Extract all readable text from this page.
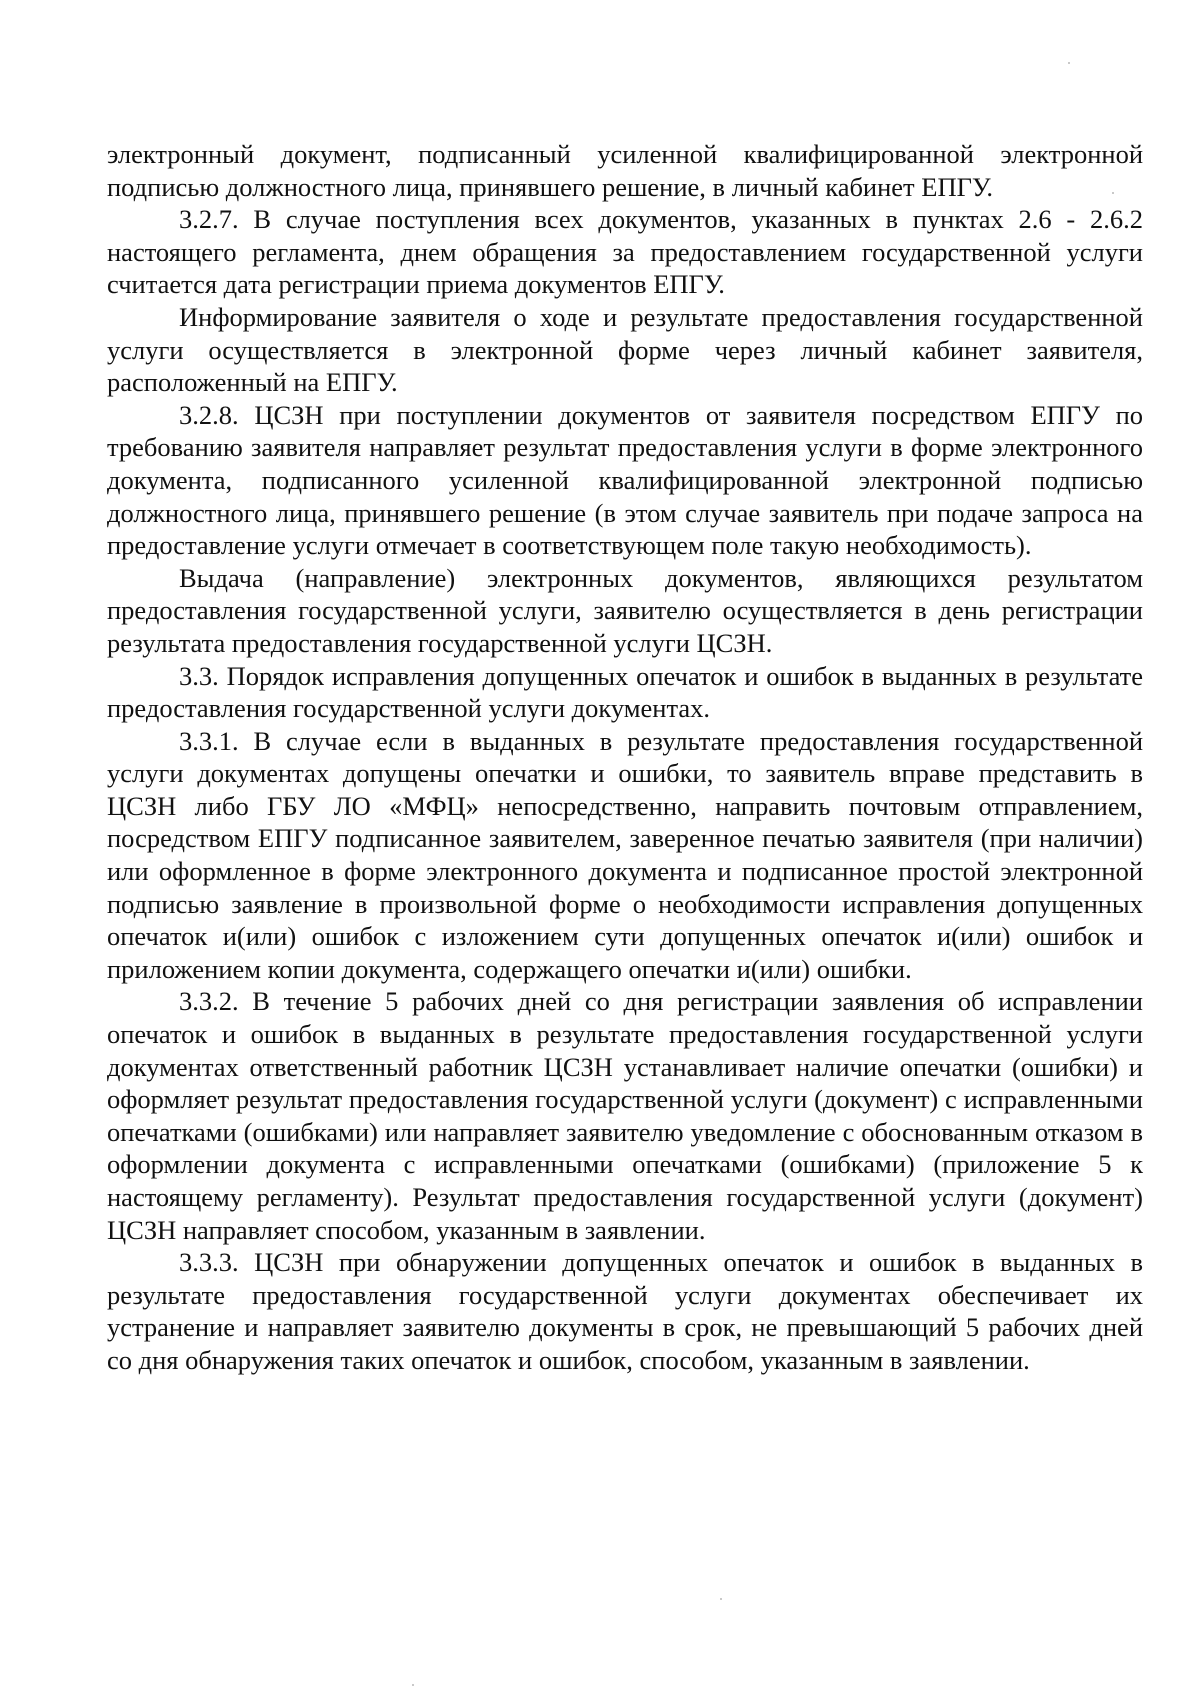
электронный документ, подписанный усиленной квалифицированной электронной подписью должностного лица, принявшего решение, в личный кабинет ЕПГУ.

3.2.7. В случае поступления всех документов, указанных в пунктах 2.6 - 2.6.2 настоящего регламента, днем обращения за предоставлением государственной услуги считается дата регистрации приема документов ЕПГУ.

Информирование заявителя о ходе и результате предоставления государственной услуги осуществляется в электронной форме через личный кабинет заявителя, расположенный на ЕПГУ.

3.2.8. ЦСЗН при поступлении документов от заявителя посредством ЕПГУ по требованию заявителя направляет результат предоставления услуги в форме электронного документа, подписанного усиленной квалифицированной электронной подписью должностного лица, принявшего решение (в этом случае заявитель при подаче запроса на предоставление услуги отмечает в соответствующем поле такую необходимость).

Выдача (направление) электронных документов, являющихся результатом предоставления государственной услуги, заявителю осуществляется в день регистрации результата предоставления государственной услуги ЦСЗН.

3.3. Порядок исправления допущенных опечаток и ошибок в выданных в результате предоставления государственной услуги документах.

3.3.1. В случае если в выданных в результате предоставления государственной услуги документах допущены опечатки и ошибки, то заявитель вправе представить в ЦСЗН либо ГБУ ЛО «МФЦ» непосредственно, направить почтовым отправлением, посредством ЕПГУ подписанное заявителем, заверенное печатью заявителя (при наличии) или оформленное в форме электронного документа и подписанное простой электронной подписью заявление в произвольной форме о необходимости исправления допущенных опечаток и(или) ошибок с изложением сути допущенных опечаток и(или) ошибок и приложением копии документа, содержащего опечатки и(или) ошибки.

3.3.2. В течение 5 рабочих дней со дня регистрации заявления об исправлении опечаток и ошибок в выданных в результате предоставления государственной услуги документах ответственный работник ЦСЗН устанавливает наличие опечатки (ошибки) и оформляет результат предоставления государственной услуги (документ) с исправленными опечатками (ошибками) или направляет заявителю уведомление с обоснованным отказом в оформлении документа с исправленными опечатками (ошибками) (приложение 5 к настоящему регламенту). Результат предоставления государственной услуги (документ) ЦСЗН направляет способом, указанным в заявлении.

3.3.3. ЦСЗН при обнаружении допущенных опечаток и ошибок в выданных в результате предоставления государственной услуги документах обеспечивает их устранение и направляет заявителю документы в срок, не превышающий 5 рабочих дней со дня обнаружения таких опечаток и ошибок, способом, указанным в заявлении.
